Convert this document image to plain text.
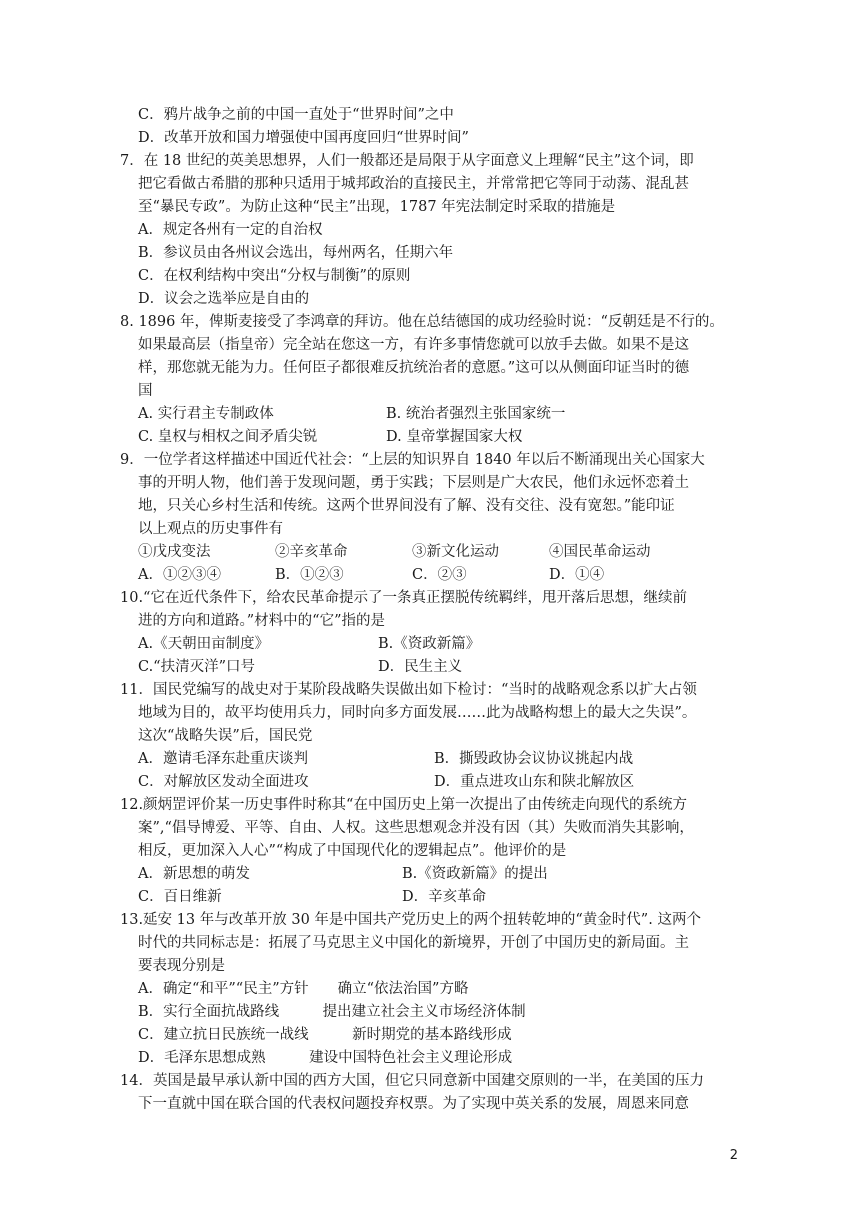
C．鸦片战争之前的中国一直处于“世界时间”之中
D．改革开放和国力增强使中国再度回归“世界时间”
7．在 18 世纪的英美思想界，人们一般都还是局限于从字面意义上理解“民主”这个词，即
把它看做古希腊的那种只适用于城邦政治的直接民主，并常常把它等同于动荡、混乱甚
至“暴民专政”。为防止这种“民主”出现，1787 年宪法制定时采取的措施是
A．规定各州有一定的自治权
B．参议员由各州议会选出，每州两名，任期六年
C．在权利结构中突出“分权与制衡”的原则
D．议会之选举应是自由的
8. 1896 年，俾斯麦接受了李鸿章的拜访。他在总结德国的成功经验时说：“反朝廷是不行的。
如果最高层（指皇帝）完全站在您这一方，有许多事情您就可以放手去做。如果不是这
样，那您就无能为力。任何臣子都很难反抗统治者的意愿。”这可以从侧面印证当时的德
国
A. 实行君主专制政体	B. 统治者强烈主张国家统一
C. 皇权与相权之间矛盾尖锐	D. 皇帝掌握国家大权
9．一位学者这样描述中国近代社会：“上层的知识界自 1840 年以后不断涌现出关心国家大
事的开明人物，他们善于发现问题，勇于实践；下层则是广大农民，他们永远怀恋着土
地，只关心乡村生活和传统。这两个世界间没有了解、没有交往、没有宽恕。”能印证
以上观点的历史事件有
①戊戌变法	②辛亥革命	③新文化运动	④国民革命运动
A．①②③④	B．①②③	C．②③	D．①④
10.“它在近代条件下，给农民革命提示了一条真正摆脱传统羁绊，甩开落后思想，继续前
进的方向和道路。”材料中的“它”指的是
A.《天朝田亩制度》	B.《资政新篇》
C.“扶清灭洋”口号	D．民生主义
11．国民党编写的战史对于某阶段战略失误做出如下检讨：“当时的战略观念系以扩大占领
地域为目的，故平均使用兵力，同时向多方面发展……此为战略构想上的最大之失误”。
这次“战略失误”后，国民党
A．邀请毛泽东赴重庆谈判	B．撕毁政协会议协议挑起内战
C．对解放区发动全面进攻	D．重点进攻山东和陕北解放区
12.颜炳罡评价某一历史事件时称其“在中国历史上第一次提出了由传统走向现代的系统方
案”,“倡导博爱、平等、自由、人权。这些思想观念并没有因（其）失败而消失其影响，
相反，更加深入人心”“构成了中国现代化的逻辑起点”。他评价的是
A．新思想的萌发	B.《资政新篇》的提出
C．百日维新	D．辛亥革命
13.延安 13 年与改革开放 30 年是中国共产党历史上的两个扭转乾坤的“黄金时代”. 这两个
时代的共同标志是：拓展了马克思主义中国化的新境界，开创了中国历史的新局面。主
要表现分别是
A．确定“和平”“民主”方针　　确立“依法治国”方略
B．实行全面抗战路线　　　提出建立社会主义市场经济体制
C．建立抗日民族统一战线　　　新时期党的基本路线形成
D．毛泽东思想成熟　　　建设中国特色社会主义理论形成
14．英国是最早承认新中国的西方大国，但它只同意新中国建交原则的一半，在美国的压力
下一直就中国在联合国的代表权问题投弃权票。为了实现中英关系的发展，周恩来同意
2
